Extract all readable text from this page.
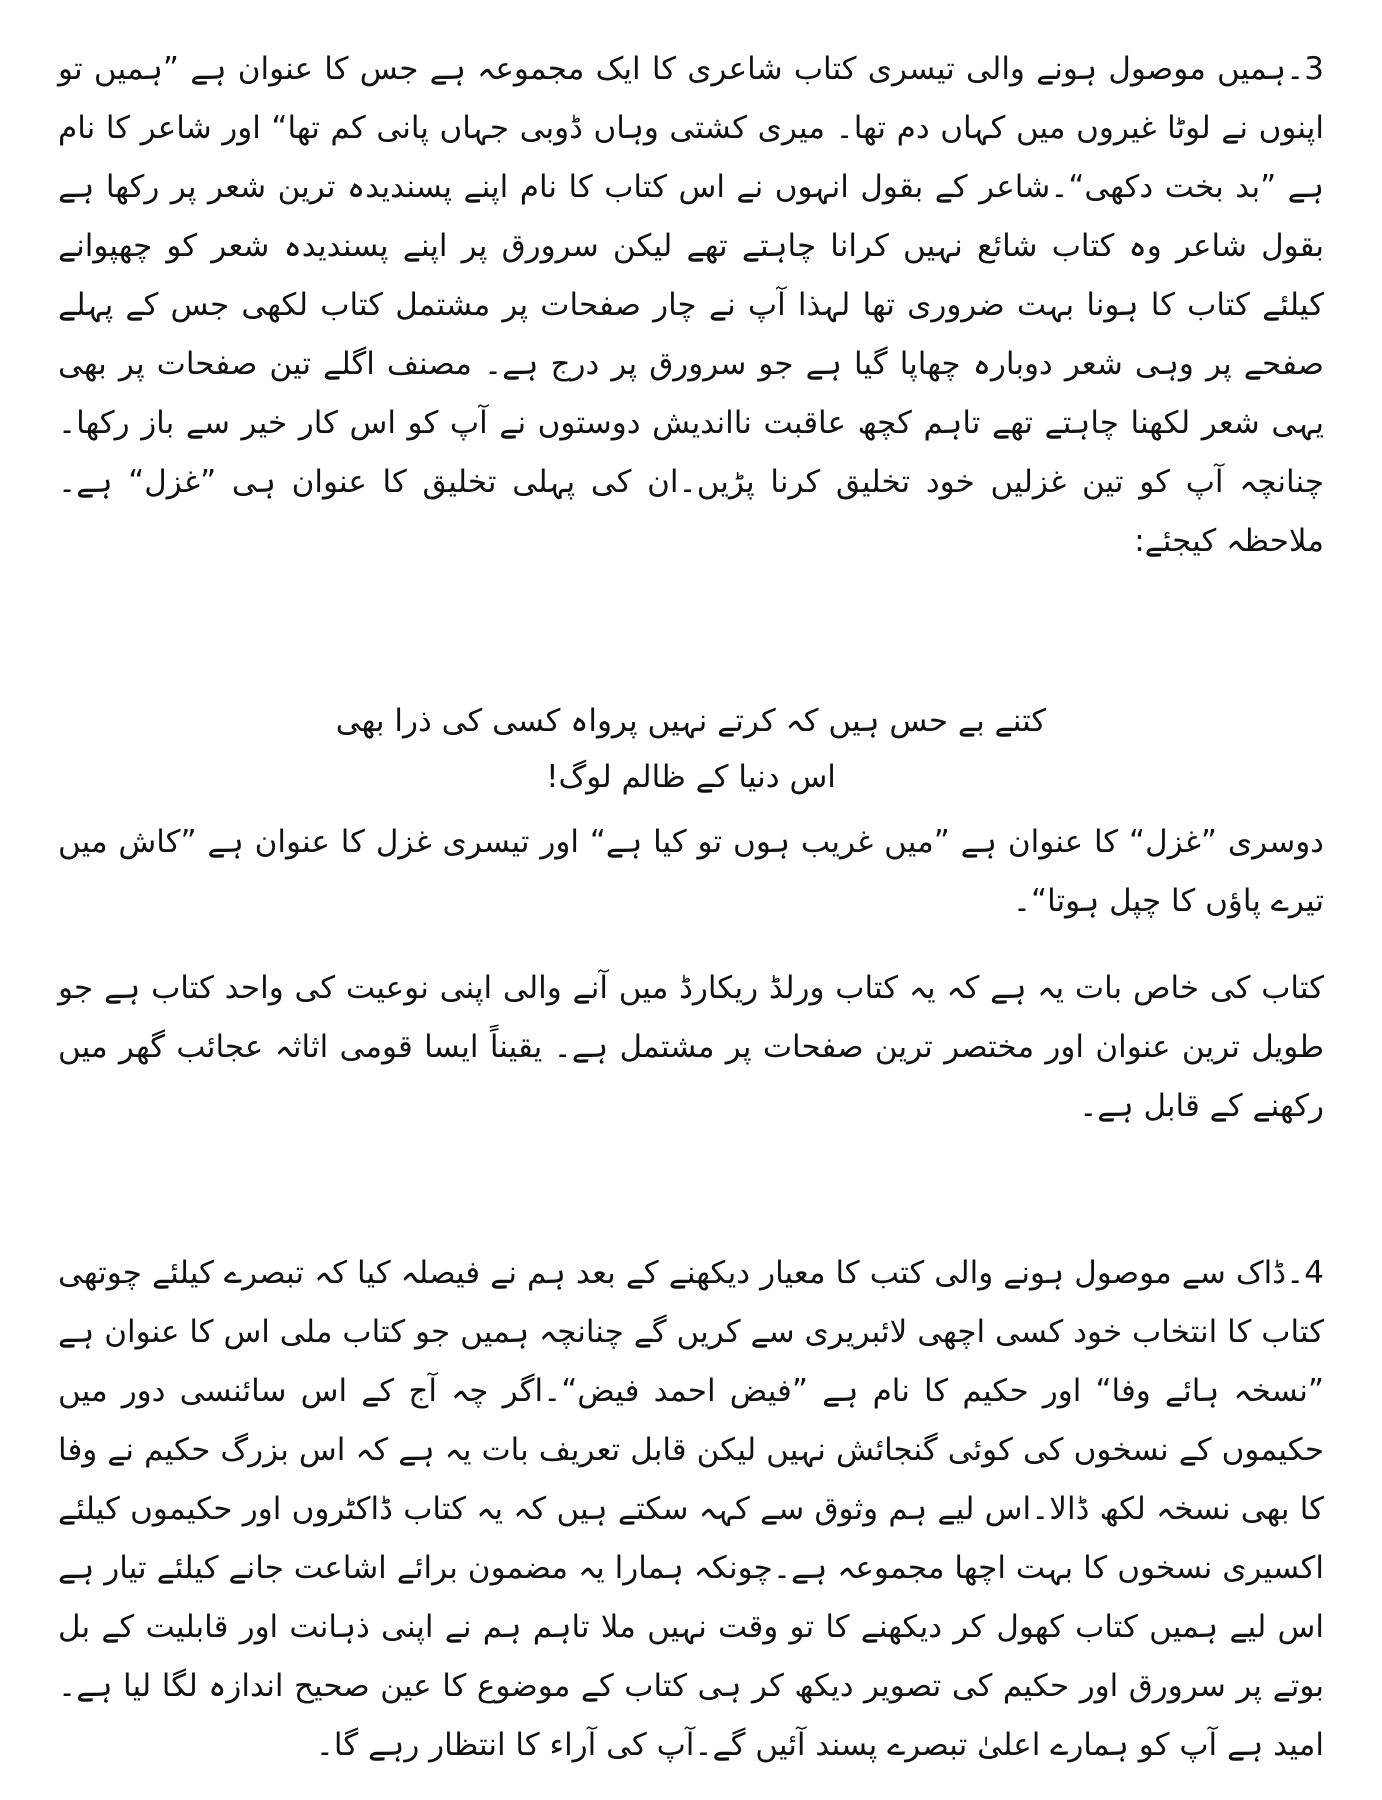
3۔ہمیں موصول ہونے والی تیسری کتاب شاعری کا ایک مجموعہ ہے جس کا عنوان ہے ”ہمیں تو اپنوں نے لوٹا غیروں میں کہاں دم تھا۔ میری کشتی وہاں ڈوبی جہاں پانی کم تھا“ اور شاعر کا نام ہے ”بد بخت دکھی“۔شاعر کے بقول انہوں نے اس کتاب کا نام اپنے پسندیدہ ترین شعر پر رکھا ہے بقول شاعر وہ کتاب شائع نہیں کرانا چاہتے تھے لیکن سرورق پر اپنے پسندیدہ شعر کو چھپوانے کیلئے کتاب کا ہونا بہت ضروری تھا لہذا آپ نے چار صفحات پر مشتمل کتاب لکھی جس کے پہلے صفحے پر وہی شعر دوبارہ چھاپا گیا ہے جو سرورق پر درج ہے۔ مصنف اگلے تین صفحات پر بھی یہی شعر لکھنا چاہتے تھے تاہم کچھ عاقبت نااندیش دوستوں نے آپ کو اس کار خیر سے باز رکھا۔ چنانچہ آپ کو تین غزلیں خود تخلیق کرنا پڑیں۔ان کی پہلی تخلیق کا عنوان ہی ”غزل“ ہے۔ملاحظہ کیجئے:

کتنے بے حس ہیں کہ کرتے نہیں پرواہ کسی کی ذرا بھی

اس دنیا کے ظالم لوگ!

دوسری ”غزل“ کا عنوان ہے ”میں غریب ہوں تو کیا ہے“ اور تیسری غزل کا عنوان ہے ”کاش میں تیرے پاؤں کا چپل ہوتا“۔

کتاب کی خاص بات یہ ہے کہ یہ کتاب ورلڈ ریکارڈ میں آنے والی اپنی نوعیت کی واحد کتاب ہے جو طویل ترین عنوان اور مختصر ترین صفحات پر مشتمل ہے۔ یقیناً ایسا قومی اثاثہ عجائب گھر میں رکھنے کے قابل ہے۔

4۔ڈاک سے موصول ہونے والی کتب کا معیار دیکھنے کے بعد ہم نے فیصلہ کیا کہ تبصرے کیلئے چوتھی کتاب کا انتخاب خود کسی اچھی لائبریری سے کریں گے چنانچہ ہمیں جو کتاب ملی اس کا عنوان ہے ”نسخہ ہائے وفا“ اور حکیم کا نام ہے ”فیض احمد فیض“۔اگر چہ آج کے اس سائنسی دور میں حکیموں کے نسخوں کی کوئی گنجائش نہیں لیکن قابل تعریف بات یہ ہے کہ اس بزرگ حکیم نے وفا کا بھی نسخہ لکھ ڈالا۔اس لیے ہم وثوق سے کہہ سکتے ہیں کہ یہ کتاب ڈاکٹروں اور حکیموں کیلئے اکسیری نسخوں کا بہت اچھا مجموعہ ہے۔چونکہ ہمارا یہ مضمون برائے اشاعت جانے کیلئے تیار ہے اس لیے ہمیں کتاب کھول کر دیکھنے کا تو وقت نہیں ملا تاہم ہم نے اپنی ذہانت اور قابلیت کے بل بوتے پر سرورق اور حکیم کی تصویر دیکھ کر ہی کتاب کے موضوع کا عین صحیح اندازہ لگا لیا ہے۔امید ہے آپ کو ہمارے اعلیٰ تبصرے پسند آئیں گے۔آپ کی آراء کا انتظار رہے گا۔
